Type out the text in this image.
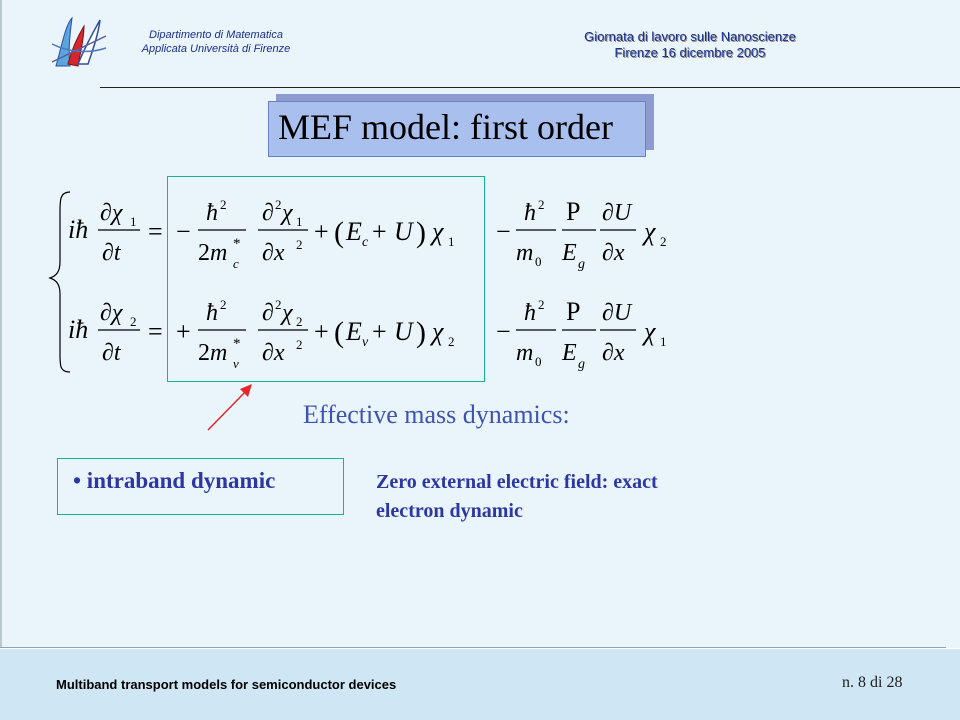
Dipartimento di Matematica
Applicata Università di Firenze
Giornata di lavoro sulle Nanoscienze
Firenze 16 dicembre 2005
MEF model: first order
iħ
∂χ 1
∂t
= −
ħ 2
2m *
c
∂ 2 χ 1
∂x 2 + ( E c + U ) χ 1 −
ħ 2
m 0
P
E g
∂U
∂x
χ 2
iħ
∂χ 2
∂t
= +
ħ 2
2m *
v
∂ 2 χ 2
∂x 2 + ( E v + U ) χ 2 −
ħ 2
m 0
P
E g
∂U
∂x
χ 1
Effective mass dynamics:
• intraband dynamic	Zero external electric field: exact
electron dynamic
Multiband transport models for semiconductor devices	n. 8 di 28
